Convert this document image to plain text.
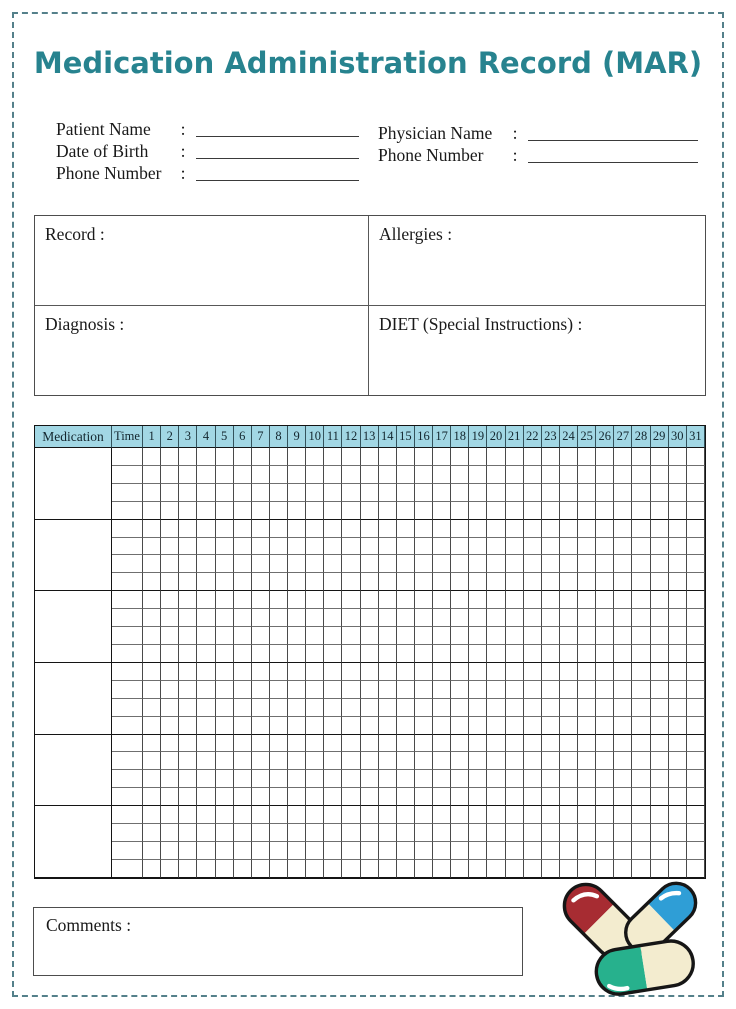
Medication Administration Record (MAR)
Patient Name	:
Date of Birth	:
Phone Number	:
Physician Name	:
Phone Number	:
Record :	Allergies :
Diagnosis :	DIET (Special Instructions) :
Medication Time 1 2 3 4 5 6 7 8 9 10 11 12 13 14 15 16 17 18 19 20 21 22 23 24 25 26 27 28 29 30 31
Comments :
